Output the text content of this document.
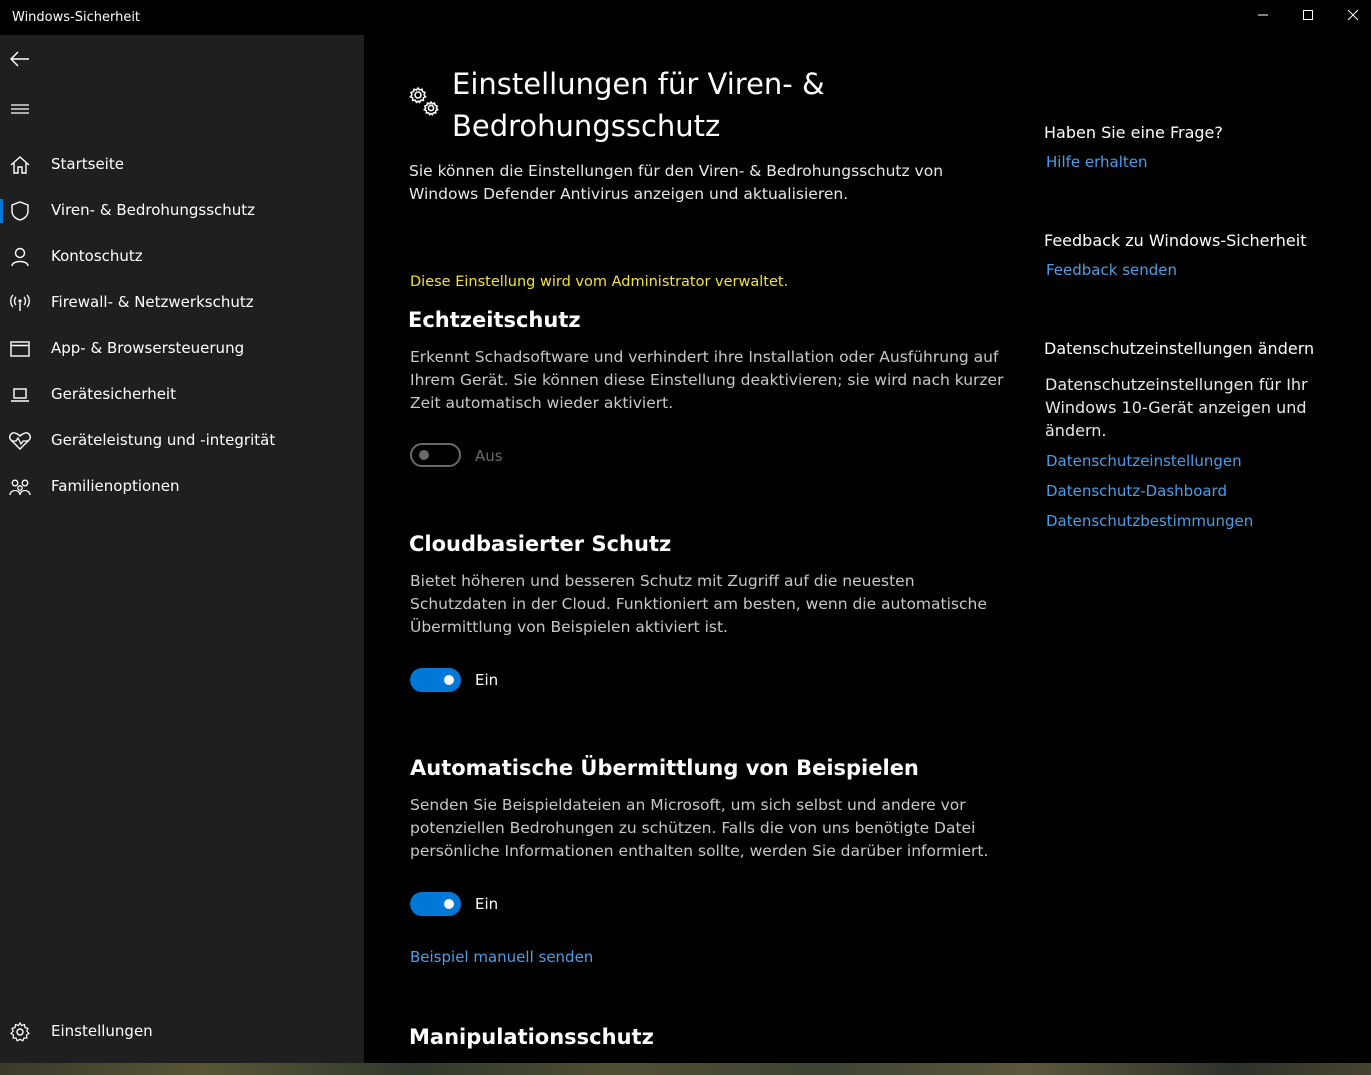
Windows-Sicherheit
Startseite
Viren- & Bedrohungsschutz
Kontoschutz
Firewall- & Netzwerkschutz
App- & Browsersteuerung
Gerätesicherheit
Geräteleistung und -integrität
Familienoptionen
Einstellungen
Einstellungen für Viren- &
Bedrohungsschutz

Sie können die Einstellungen für den Viren- & Bedrohungsschutz von Windows Defender Antivirus anzeigen und aktualisieren.

Diese Einstellung wird vom Administrator verwaltet.

Echtzeitschutz

Erkennt Schadsoftware und verhindert ihre Installation oder Ausführung auf Ihrem Gerät. Sie können diese Einstellung deaktivieren; sie wird nach kurzer Zeit automatisch wieder aktiviert.

Aus
Cloudbasierter Schutz

Bietet höheren und besseren Schutz mit Zugriff auf die neuesten Schutzdaten in der Cloud. Funktioniert am besten, wenn die automatische Übermittlung von Beispielen aktiviert ist.

Ein
Automatische Übermittlung von Beispielen

Senden Sie Beispieldateien an Microsoft, um sich selbst und andere vor potenziellen Bedrohungen zu schützen. Falls die von uns benötigte Datei persönliche Informationen enthalten sollte, werden Sie darüber informiert.

Ein
Beispiel manuell senden
Manipulationsschutz
Haben Sie eine Frage?
Hilfe erhalten
Feedback zu Windows-Sicherheit
Feedback senden
Datenschutzeinstellungen ändern

Datenschutzeinstellungen für Ihr Windows 10-Gerät anzeigen und ändern.

Datenschutzeinstellungen
Datenschutz-Dashboard
Datenschutzbestimmungen
